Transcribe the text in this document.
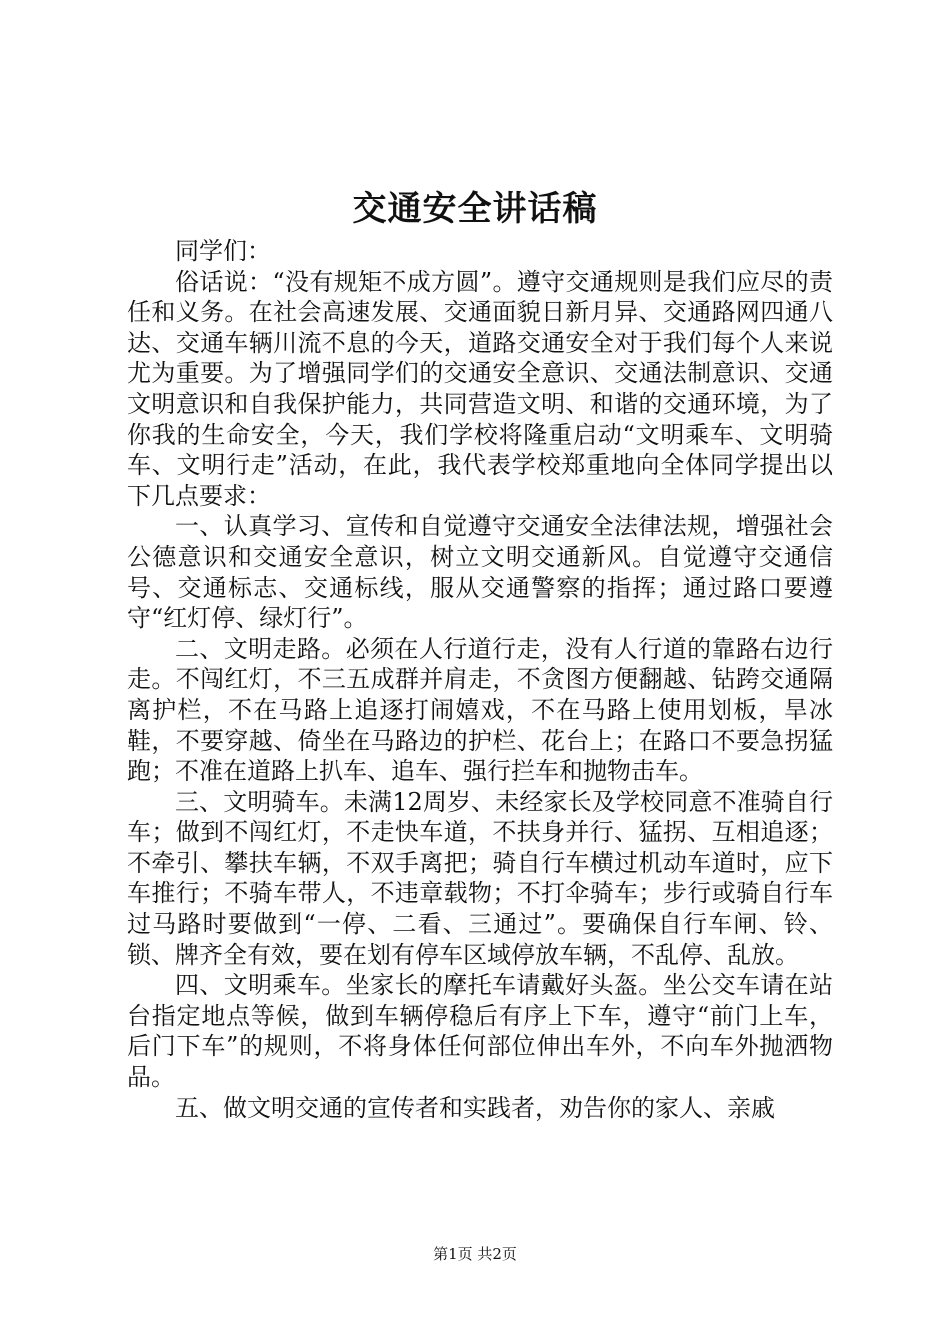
交通安全讲话稿

同学们：

俗话说：“没有规矩不成方圆”。遵守交通规则是我们应尽的责任和义务。在社会高速发展、交通面貌日新月异、交通路网四通八达、交通车辆川流不息的今天，道路交通安全对于我们每个人来说尤为重要。为了增强同学们的交通安全意识、交通法制意识、交通文明意识和自我保护能力，共同营造文明、和谐的交通环境，为了你我的生命安全，今天，我们学校将隆重启动“文明乘车、文明骑车、文明行走”活动，在此，我代表学校郑重地向全体同学提出以下几点要求：

一、认真学习、宣传和自觉遵守交通安全法律法规，增强社会公德意识和交通安全意识，树立文明交通新风。自觉遵守交通信号、交通标志、交通标线，服从交通警察的指挥；通过路口要遵守“红灯停、绿灯行”。

二、文明走路。必须在人行道行走，没有人行道的靠路右边行走。不闯红灯，不三五成群并肩走，不贪图方便翻越、钻跨交通隔离护栏，不在马路上追逐打闹嬉戏，不在马路上使用划板，旱冰鞋，不要穿越、倚坐在马路边的护栏、花台上；在路口不要急拐猛跑；不准在道路上扒车、追车、强行拦车和抛物击车。

三、文明骑车。未满12周岁、未经家长及学校同意不准骑自行车；做到不闯红灯，不走快车道，不扶身并行、猛拐、互相追逐；不牵引、攀扶车辆，不双手离把；骑自行车横过机动车道时，应下车推行；不骑车带人，不违章载物；不打伞骑车；步行或骑自行车过马路时要做到“一停、二看、三通过”。要确保自行车闸、铃、锁、牌齐全有效，要在划有停车区域停放车辆，不乱停、乱放。

四、文明乘车。坐家长的摩托车请戴好头盔。坐公交车请在站台指定地点等候，做到车辆停稳后有序上下车，遵守“前门上车，后门下车”的规则，不将身体任何部位伸出车外，不向车外抛洒物品。

五、做文明交通的宣传者和实践者，劝告你的家人、亲戚

第1页 共2页
